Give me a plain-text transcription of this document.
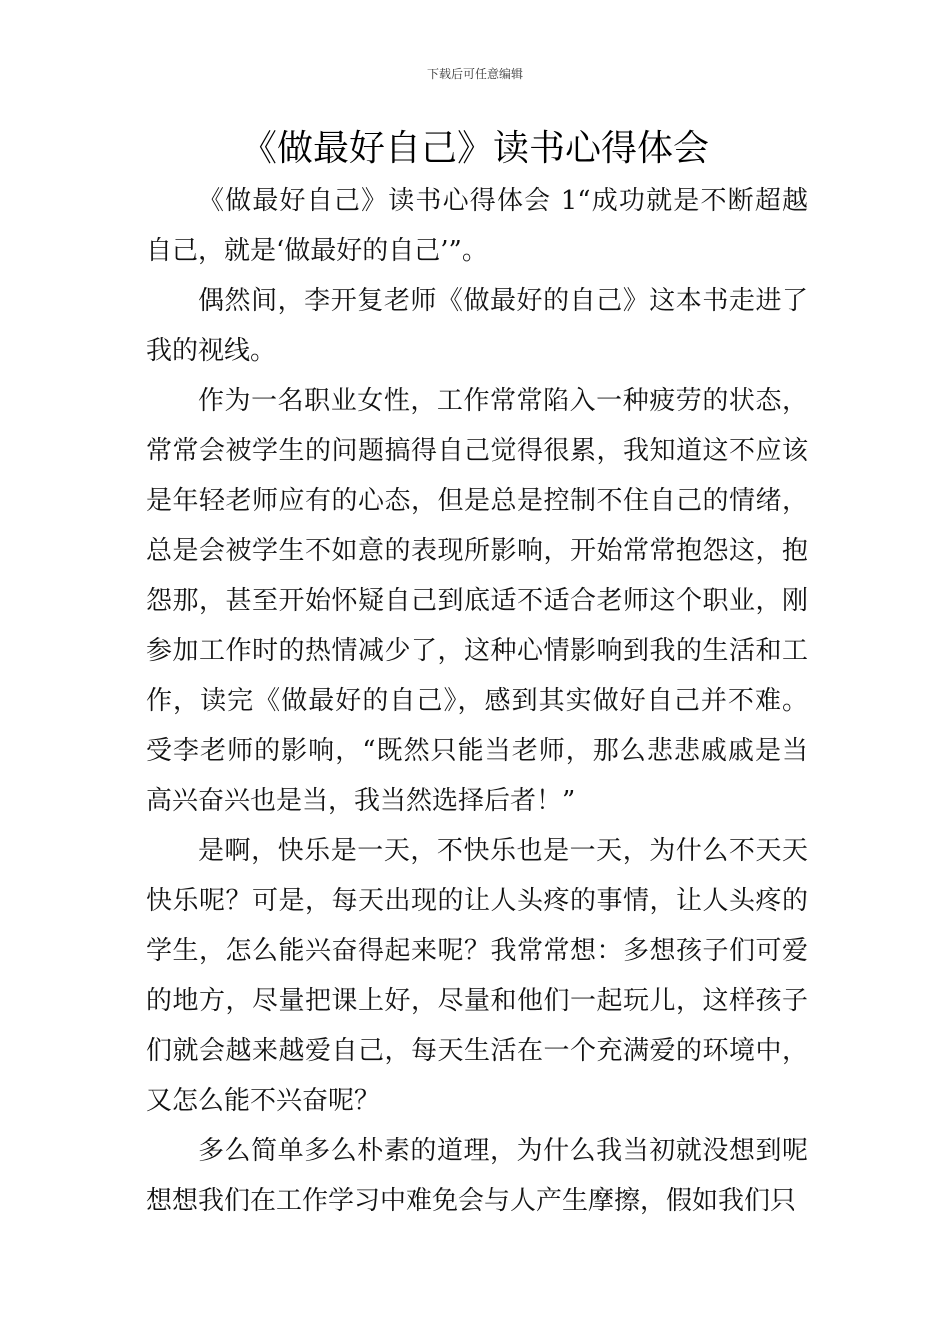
下载后可任意编辑
《做最好自己》读书心得体会

《做最好自己》读书心得体会 1“成功就是不断超越自己，就是‘做最好的自己’”。

偶然间，李开复老师《做最好的自己》这本书走进了我的视线。

作为一名职业女性，工作常常陷入一种疲劳的状态，常常会被学生的问题搞得自己觉得很累，我知道这不应该是年轻老师应有的心态，但是总是控制不住自己的情绪，总是会被学生不如意的表现所影响，开始常常抱怨这，抱怨那，甚至开始怀疑自己到底适不适合老师这个职业，刚参加工作时的热情减少了，这种心情影响到我的生活和工作，读完《做最好的自己》，感到其实做好自己并不难。受李老师的影响，“既然只能当老师，那么悲悲戚戚是当高兴奋兴也是当，我当然选择后者！”

是啊，快乐是一天，不快乐也是一天，为什么不天天快乐呢？可是，每天出现的让人头疼的事情，让人头疼的学生，怎么能兴奋得起来呢？我常常想：多想孩子们可爱的地方，尽量把课上好，尽量和他们一起玩儿，这样孩子们就会越来越爱自己，每天生活在一个充满爱的环境中，又怎么能不兴奋呢？

多么简单多么朴素的道理，为什么我当初就没想到呢想想我们在工作学习中难免会与人产生摩擦，假如我们只
